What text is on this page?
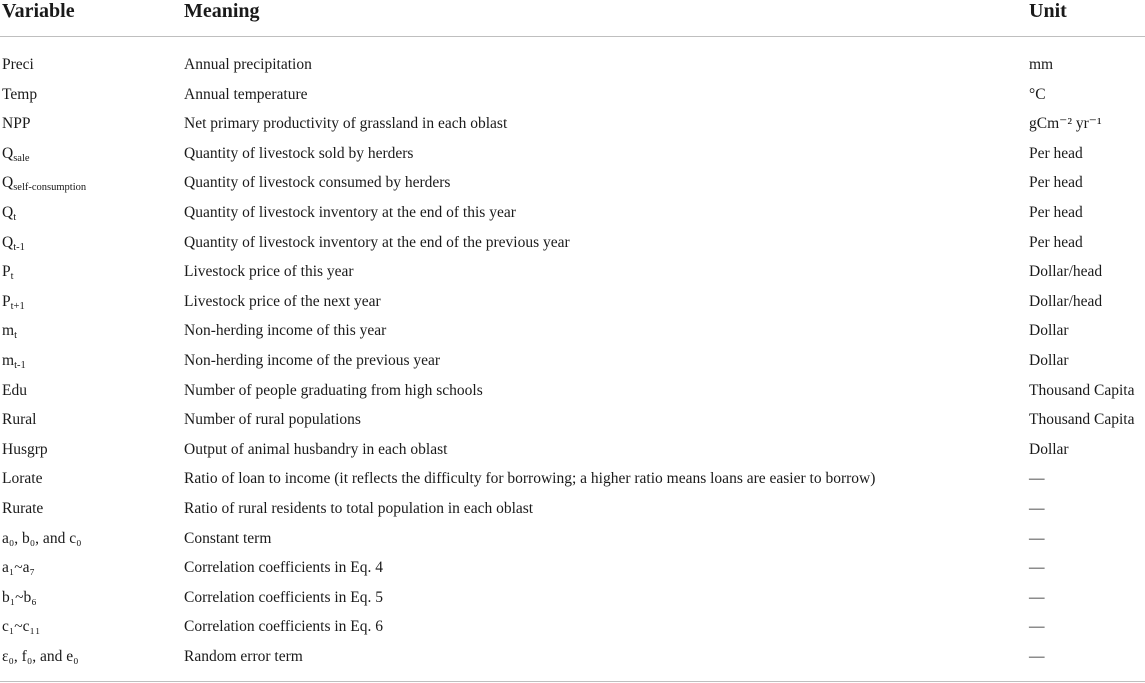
Variable	Meaning	Unit
Preci	Annual precipitation	mm
Temp	Annual temperature	°C
NPP	Net primary productivity of grassland in each oblast	gCm⁻² yr⁻¹
$Q_{sale}$	Quantity of livestock sold by herders	Per head
$Q_{self-consumption}$	Quantity of livestock consumed by herders	Per head
$Q_t$	Quantity of livestock inventory at the end of this year	Per head
$Q_{t-1}$	Quantity of livestock inventory at the end of the previous year	Per head
$P_t$	Livestock price of this year	Dollar/head
$P_{t+1}$	Livestock price of the next year	Dollar/head
$m_t$	Non-herding income of this year	Dollar
$m_{t-1}$	Non-herding income of the previous year	Dollar
Edu	Number of people graduating from high schools	Thousand Capita
Rural	Number of rural populations	Thousand Capita
Husgrp	Output of animal husbandry in each oblast	Dollar
Lorate	Ratio of loan to income (it reflects the difficulty for borrowing; a higher ratio means loans are easier to borrow)	—
Rurate	Ratio of rural residents to total population in each oblast	—
a₀, b₀, and c₀	Constant term	—
a₁~a₇	Correlation coefficients in Eq. 4	—
b₁~b₆	Correlation coefficients in Eq. 5	—
c₁~c₁₁	Correlation coefficients in Eq. 6	—
ε₀, f₀, and e₀	Random error term	—
